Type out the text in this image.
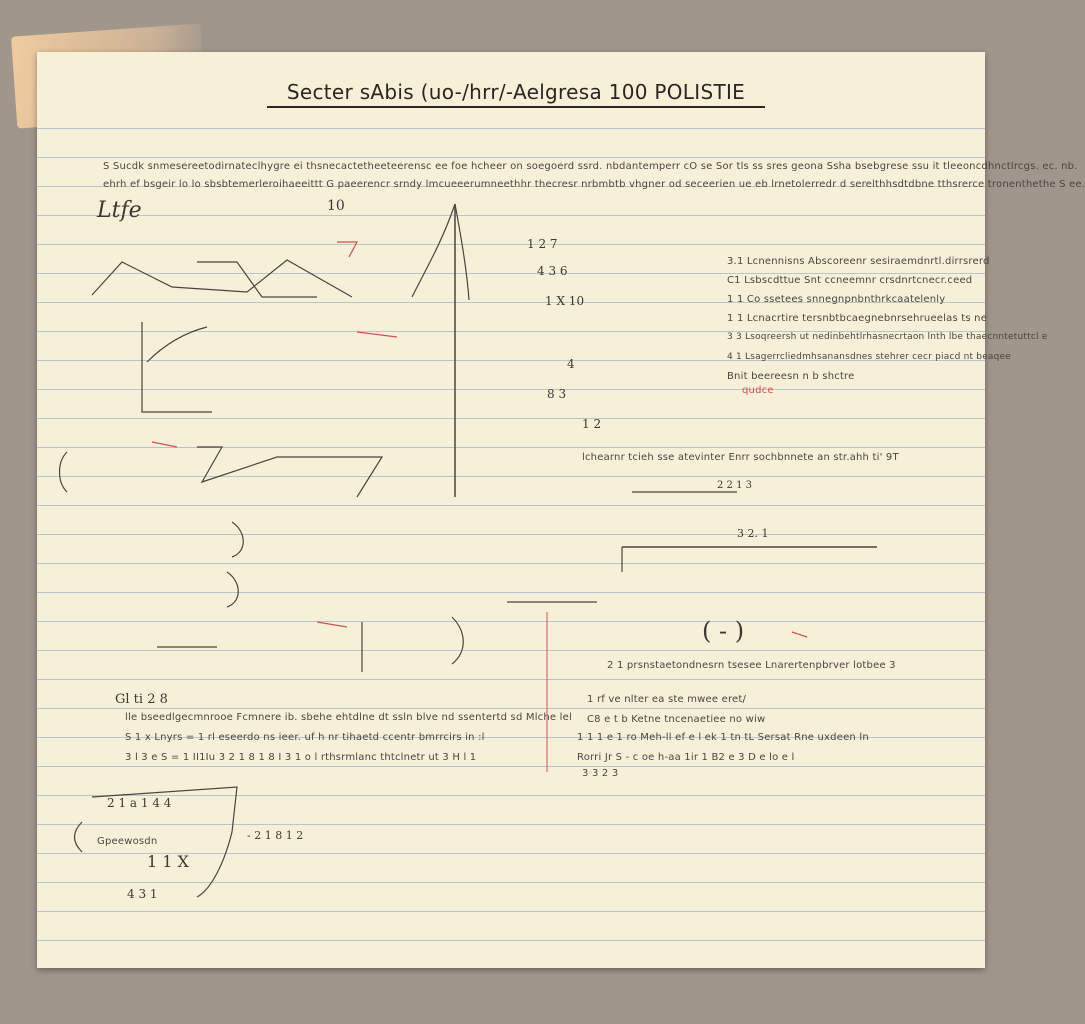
Secter sAbis (uo-/hrr/-Aelgresa 100 POLISTIE
S Sucdk snmesereetodirnateclhygre ei thsnecactetheeteerensc ee foe hcheer on soegoerd ssrd. nbdantemperr cO se Sor tls ss sres geona Ssha bsebgrese ssu it tleeoncdhnctlrcgs. ec. nb.
ehrh ef bsgeir lo lo sbsbtemerleroihaeeittt G paeerencr srndy lmcueeerumneethhr thecresr nrbmbtb vhgner od seceerien ue eb lrnetolerredr d serelthhsdtdbne tthsrerce tronenthethe S ee.
Ltfe	10
1 2 7
4 3 6
1 X 10
4
8 3
1 2
3.1 Lcnennisns Abscoreenr sesiraemdnrtl.dirrsrerd
C1 Lsbscdttue Snt ccneemnr crsdnrtcnecr.ceed
1 1 Co ssetees snnegnpnbnthrkcaatelenly
1 1 Lcnacrtire tersnbtbcaegnebnrsehrueelas ts ne
3 3 Lsoqreersh ut nedinbehtlrhasnecrtaon lnth lbe thaecnntetuttcl e
4 1 Lsagerrcliedmhsanansdnes stehrer cecr piacd nt beaqee
Bnit beereesn n b shctre
qudce
lchearnr tcieh sse atevinter Enrr sochbnnete an str.ahh ti' 9T
2 2 1 3
3 2. 1
( - )
2 1 prsnstaetondnesrn tsesee Lnarertenpbrver lotbee 3
Gl ti 2 8
lle bseedlgecmnrooe Fcmnere ib. sbehe ehtdlne dt ssln blve nd ssentertd sd Mlche lel
S 1 x Lnyrs = 1 rl eseerdo ns ieer. uf h nr tihaetd ccentr bmrrcirs in :l
3 l 3 e S = 1 II1Iu 3 2 1 8 1 8 I 3 1 o l rthsrmlanc thtclnetr ut 3 H l 1
1 rf ve nlter ea ste mwee eret/
C8 e t b Ketne tncenaetiee no wiw
1 1 1 e 1 ro Meh-ll ef e l ek 1 tn tL Sersat Rne uxdeen ln
Rorri Jr S - c oe h-aa 1ir 1 B2 e 3 D e lo e l
3 3 2 3
2 1 a 1 4 4
Gpeewosdn
1 1 X
- 2 1 8 1 2
4 3 1
